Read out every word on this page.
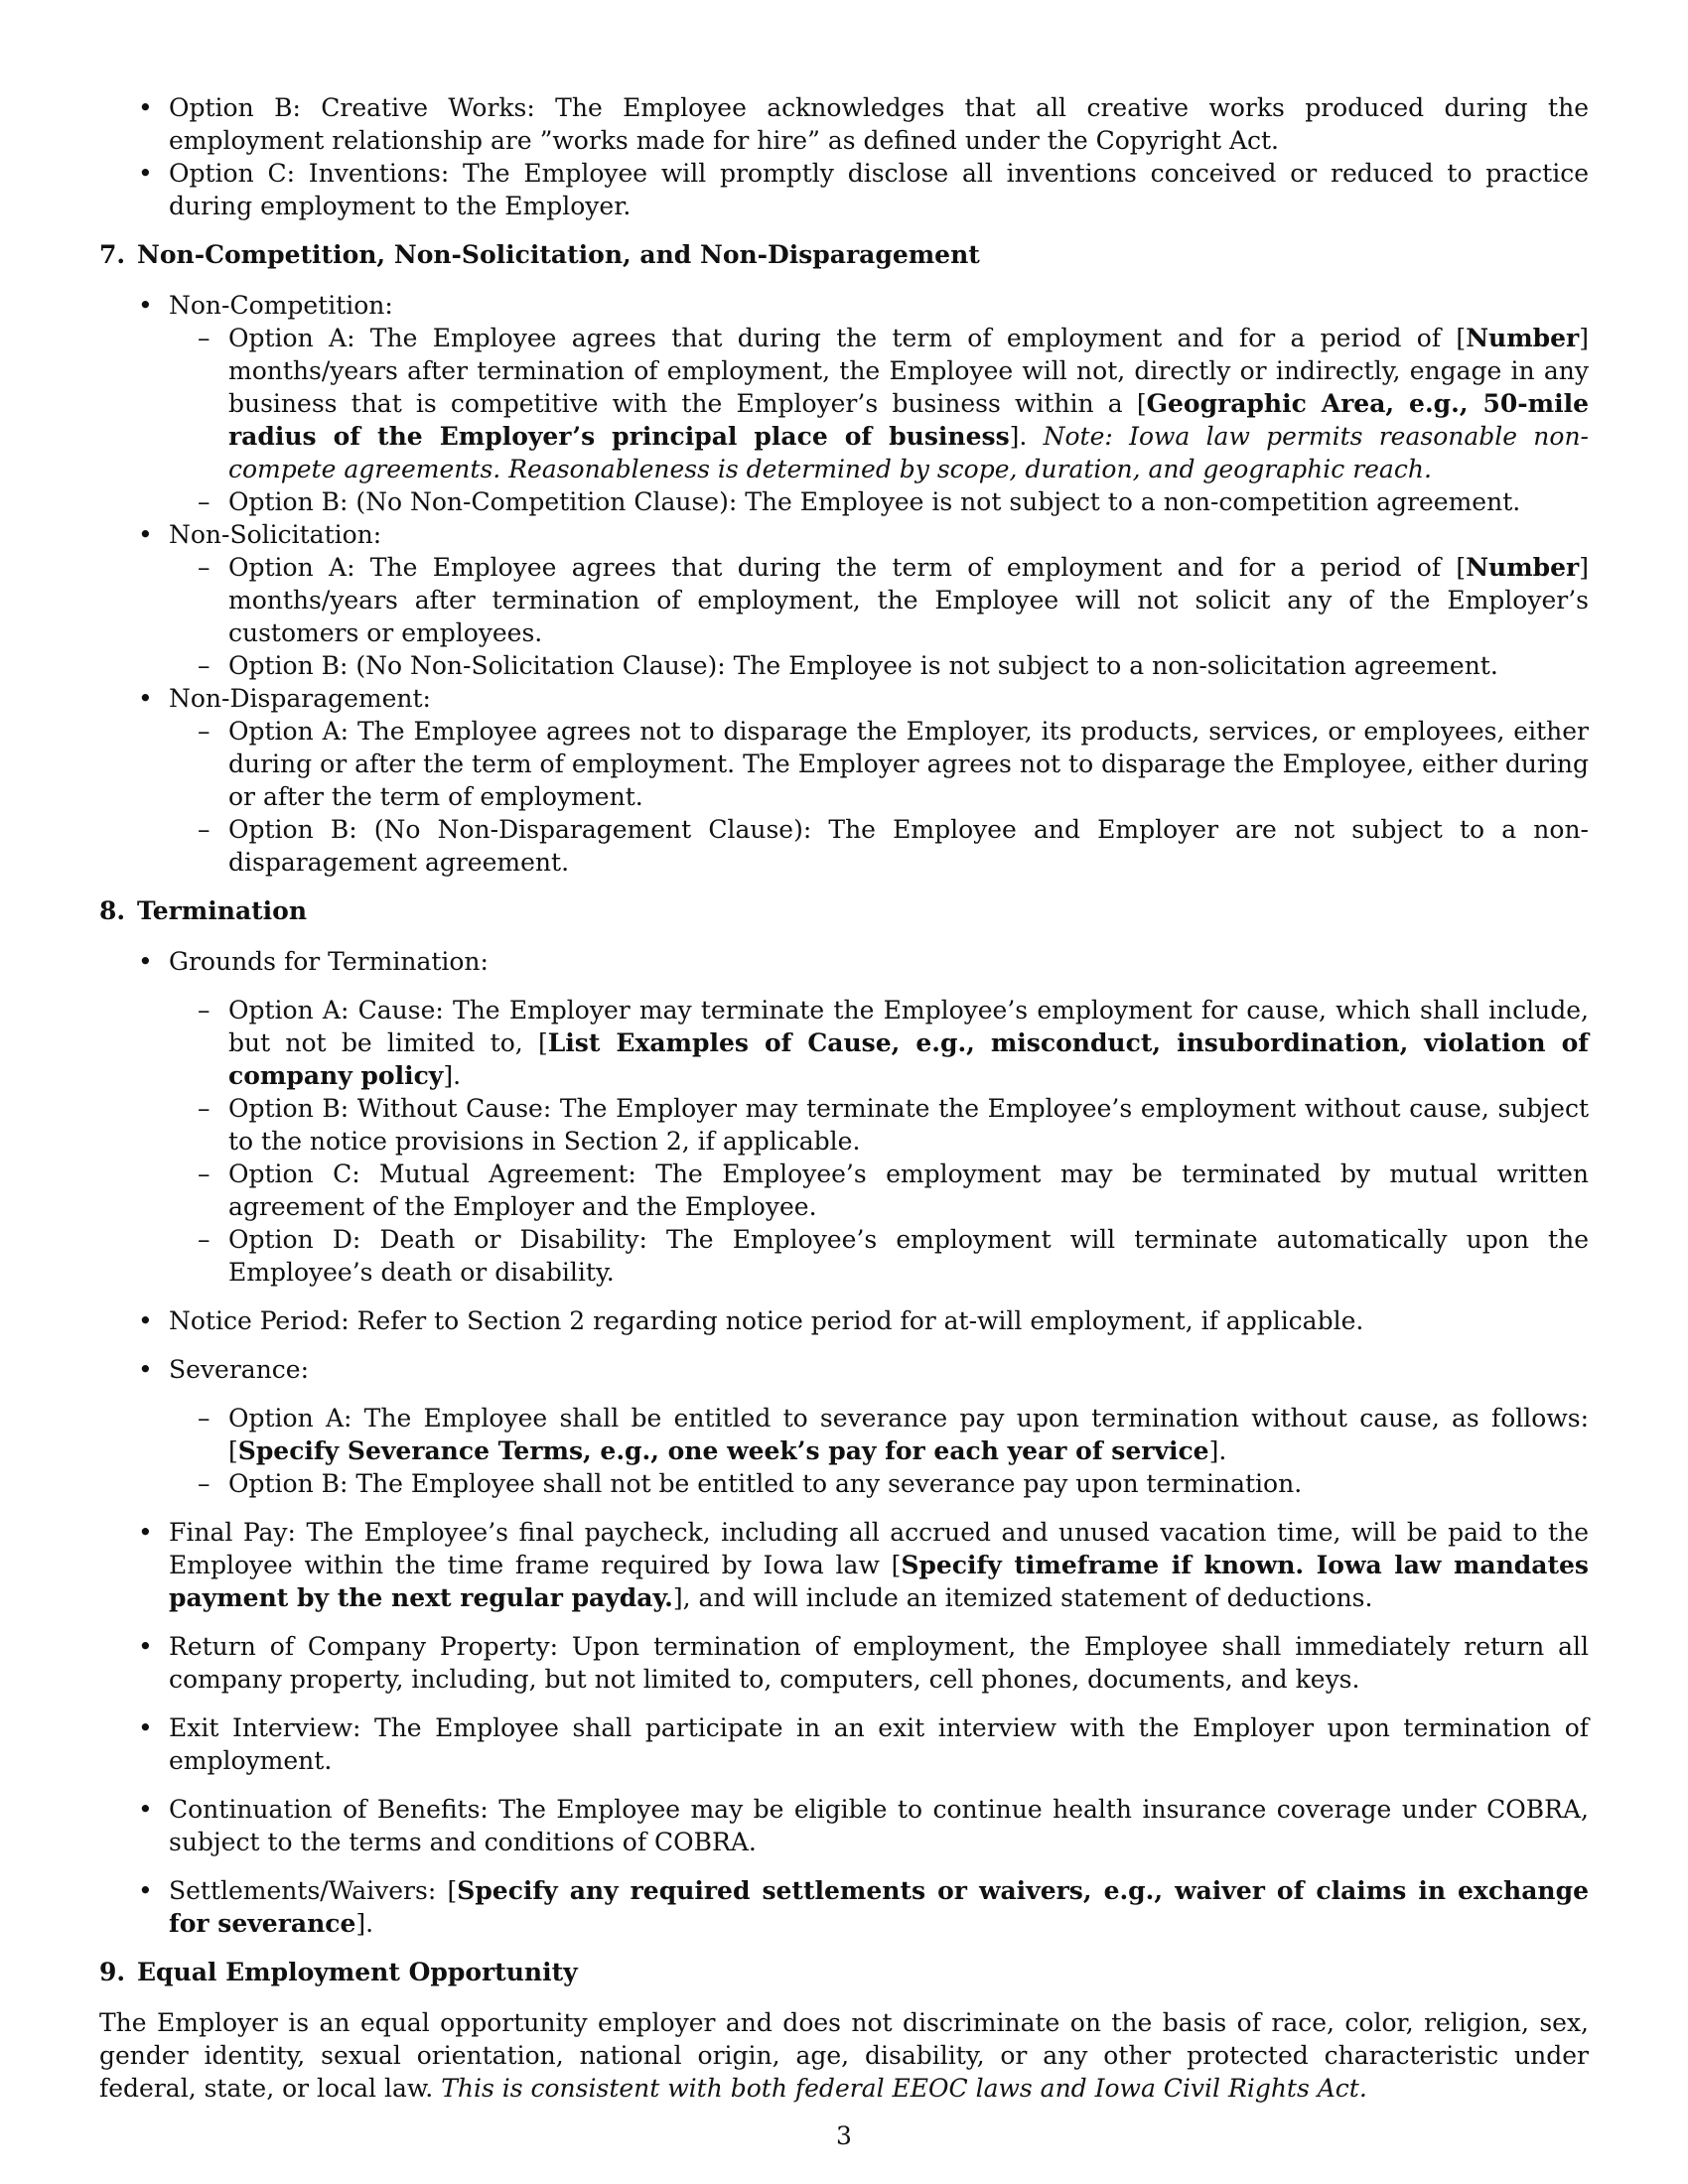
• Option B: Creative Works: The Employee acknowledges that all creative works produced during the employment relationship are ”works made for hire” as defined under the Copyright Act.
• Option C: Inventions: The Employee will promptly disclose all inventions conceived or reduced to practice during employment to the Employer.
7. Non-Competition, Non-Solicitation, and Non-Disparagement
• Non-Competition:
– Option A: The Employee agrees that during the term of employment and for a period of [Number] months/years after termination of employment, the Employee will not, directly or indirectly, engage in any business that is competitive with the Employer’s business within a [Geographic Area, e.g., 50-mile radius of the Employer’s principal place of business]. Note: Iowa law permits reasonable non-compete agreements. Reasonableness is determined by scope, duration, and geographic reach.
– Option B: (No Non-Competition Clause): The Employee is not subject to a non-competition agreement.
• Non-Solicitation:
– Option A: The Employee agrees that during the term of employment and for a period of [Number] months/years after termination of employment, the Employee will not solicit any of the Employer’s customers or employees.
– Option B: (No Non-Solicitation Clause): The Employee is not subject to a non-solicitation agreement.
• Non-Disparagement:
– Option A: The Employee agrees not to disparage the Employer, its products, services, or employees, either during or after the term of employment. The Employer agrees not to disparage the Employee, either during or after the term of employment.
– Option B: (No Non-Disparagement Clause): The Employee and Employer are not subject to a non-disparagement agreement.
8. Termination
• Grounds for Termination:
– Option A: Cause: The Employer may terminate the Employee’s employment for cause, which shall include, but not be limited to, [List Examples of Cause, e.g., misconduct, insubordination, violation of company policy].
– Option B: Without Cause: The Employer may terminate the Employee’s employment without cause, subject to the notice provisions in Section 2, if applicable.
– Option C: Mutual Agreement: The Employee’s employment may be terminated by mutual written agreement of the Employer and the Employee.
– Option D: Death or Disability: The Employee’s employment will terminate automatically upon the Employee’s death or disability.
• Notice Period: Refer to Section 2 regarding notice period for at-will employment, if applicable.
• Severance:
– Option A: The Employee shall be entitled to severance pay upon termination without cause, as follows: [Specify Severance Terms, e.g., one week’s pay for each year of service].
– Option B: The Employee shall not be entitled to any severance pay upon termination.
• Final Pay: The Employee’s final paycheck, including all accrued and unused vacation time, will be paid to the Employee within the time frame required by Iowa law [Specify timeframe if known. Iowa law mandates payment by the next regular payday.], and will include an itemized statement of deductions.
• Return of Company Property: Upon termination of employment, the Employee shall immediately return all company property, including, but not limited to, computers, cell phones, documents, and keys.
• Exit Interview: The Employee shall participate in an exit interview with the Employer upon termination of employment.
• Continuation of Benefits: The Employee may be eligible to continue health insurance coverage under COBRA, subject to the terms and conditions of COBRA.
• Settlements/Waivers: [Specify any required settlements or waivers, e.g., waiver of claims in exchange for severance].
9. Equal Employment Opportunity

The Employer is an equal opportunity employer and does not discriminate on the basis of race, color, religion, sex, gender identity, sexual orientation, national origin, age, disability, or any other protected characteristic under federal, state, or local law. This is consistent with both federal EEOC laws and Iowa Civil Rights Act.

3
